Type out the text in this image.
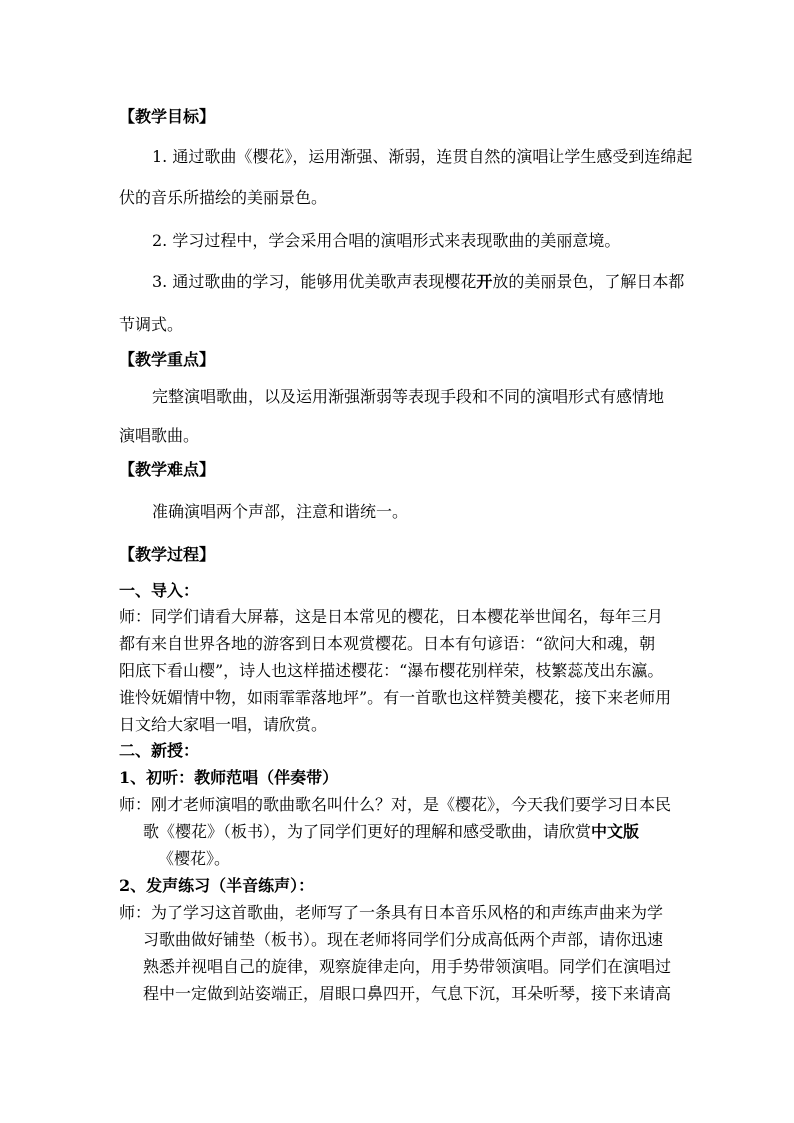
【教学目标】
1. 通过歌曲《樱花》，运用渐强、渐弱，连贯自然的演唱让学生感受到连绵起
伏的音乐所描绘的美丽景色。
2. 学习过程中，学会采用合唱的演唱形式来表现歌曲的美丽意境。
3. 通过歌曲的学习，能够用优美歌声表现樱花开放的美丽景色，了解日本都
节调式。
【教学重点】
完整演唱歌曲，以及运用渐强渐弱等表现手段和不同的演唱形式有感情地
演唱歌曲。
【教学难点】
准确演唱两个声部，注意和谐统一。
【教学过程】
一、导入：
师：同学们请看大屏幕，这是日本常见的樱花，日本樱花举世闻名，每年三月
都有来自世界各地的游客到日本观赏樱花。日本有句谚语：“欲问大和魂，朝
阳底下看山樱”，诗人也这样描述樱花：“瀑布樱花别样荣，枝繁蕊茂出东瀛。
谁怜妩媚情中物，如雨霏霏落地坪”。有一首歌也这样赞美樱花，接下来老师用
日文给大家唱一唱，请欣赏。
二、新授：
1、初听：教师范唱（伴奏带）
师：刚才老师演唱的歌曲歌名叫什么？对，是《樱花》，今天我们要学习日本民
歌《樱花》（板书），为了同学们更好的理解和感受歌曲，请欣赏中文版
《樱花》。
2、发声练习（半音练声）：
师：为了学习这首歌曲，老师写了一条具有日本音乐风格的和声练声曲来为学
习歌曲做好铺垫（板书）。现在老师将同学们分成高低两个声部，请你迅速
熟悉并视唱自己的旋律，观察旋律走向，用手势带领演唱。同学们在演唱过
程中一定做到站姿端正，眉眼口鼻四开，气息下沉，耳朵听琴，接下来请高
